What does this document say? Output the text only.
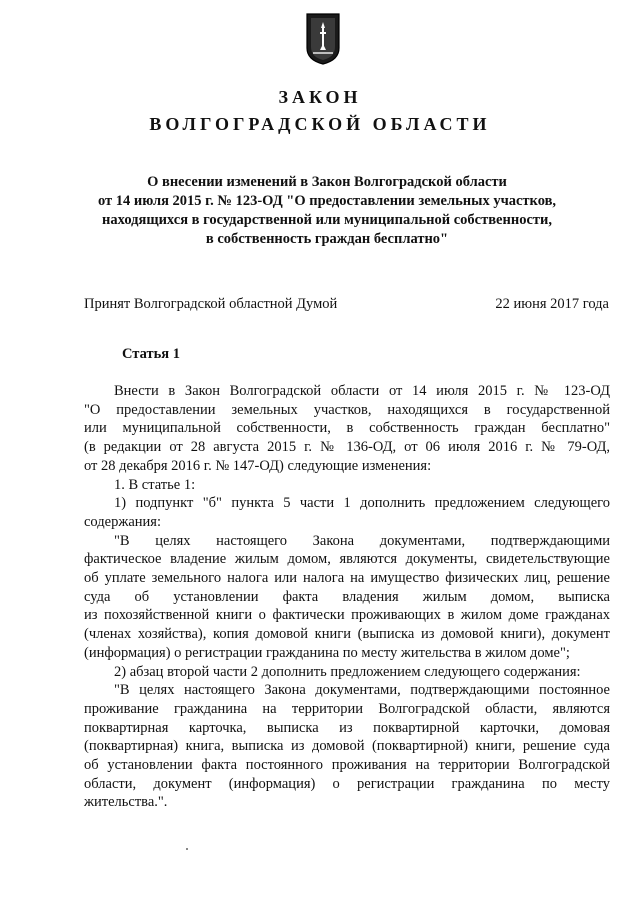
ЗАКОН
ВОЛГОГРАДСКОЙ ОБЛАСТИ
О внесении изменений в Закон Волгоградской области
от 14 июля 2015 г. № 123-ОД "О предоставлении земельных участков,
находящихся в государственной или муниципальной собственности,
в собственность граждан бесплатно"
Принят Волгоградской областной Думой	22 июня 2017 года
Статья 1

Внести в Закон Волгоградской области от 14 июля 2015 г. № 123-ОД

"О предоставлении земельных участков, находящихся в государственной

или муниципальной собственности, в собственность граждан бесплатно"

(в редакции от 28 августа 2015 г. № 136-ОД, от 06 июля 2016 г. № 79-ОД,

от 28 декабря 2016 г. № 147-ОД) следующие изменения:

1. В статье 1:

1) подпункт "б" пункта 5 части 1 дополнить предложением следующего

содержания:

"В целях настоящего Закона документами, подтверждающими

фактическое владение жилым домом, являются документы, свидетельствующие

об уплате земельного налога или налога на имущество физических лиц, решение

суда об установлении факта владения жилым домом, выписка

из похозяйственной книги о фактически проживающих в жилом доме гражданах

(членах хозяйства), копия домовой книги (выписка из домовой книги), документ

(информация) о регистрации гражданина по месту жительства в жилом доме";

2) абзац второй части 2 дополнить предложением следующего содержания:

"В целях настоящего Закона документами, подтверждающими постоянное

проживание гражданина на территории Волгоградской области, являются

поквартирная карточка, выписка из поквартирной карточки, домовая

(поквартирная) книга, выписка из домовой (поквартирной) книги, решение суда

об установлении факта постоянного проживания на территории Волгоградской

области, документ (информация) о регистрации гражданина по месту

жительства.".
